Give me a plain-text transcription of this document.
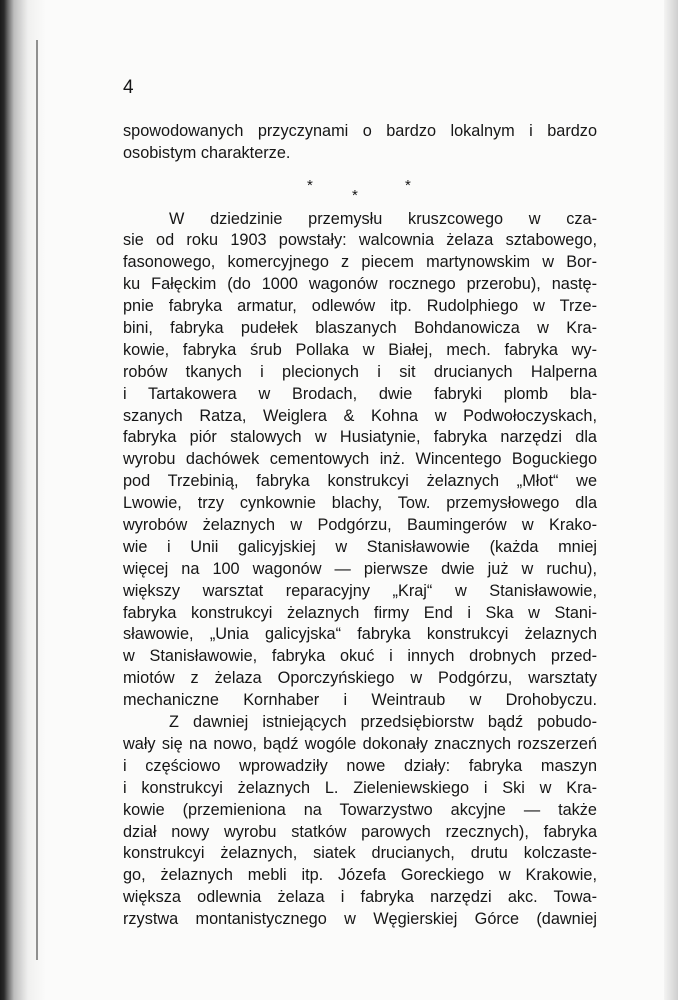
4
*
*
*
spowodowanych przyczynami o bardzo lokalnym i bardzo
osobistym charakterze.

W dziedzinie przemysłu kruszcowego w cza-
sie od roku 1903 powstały: walcownia żelaza sztabowego,
fasonowego, komercyjnego z piecem martynowskim w Bor-
ku Fałęckim (do 1000 wagonów rocznego przerobu), nastę-
pnie fabryka armatur, odlewów itp. Rudolphiego w Trze-
bini, fabryka pudełek blaszanych Bohdanowicza w Kra-
kowie, fabryka śrub Pollaka w Białej, mech. fabryka wy-
robów tkanych i plecionych i sit drucianych Halperna
i Tartakowera w Brodach, dwie fabryki plomb bla-
szanych Ratza, Weiglera & Kohna w Podwołoczyskach,
fabryka piór stalowych w Husiatynie, fabryka narzędzi dla
wyrobu dachówek cementowych inż. Wincentego Boguckiego
pod Trzebinią, fabryka konstrukcyi żelaznych „Młot“ we
Lwowie, trzy cynkownie blachy, Tow. przemysłowego dla
wyrobów żelaznych w Podgórzu, Baumingerów w Krako-
wie i Unii galicyjskiej w Stanisławowie (każda mniej
więcej na 100 wagonów — pierwsze dwie już w ruchu),
większy warsztat reparacyjny „Kraj“ w Stanisławowie,
fabryka konstrukcyi żelaznych firmy End i Ska w Stani-
sławowie, „Unia galicyjska“ fabryka konstrukcyi żelaznych
w Stanisławowie, fabryka okuć i innych drobnych przed-
miotów z żelaza Oporczyńskiego w Podgórzu, warsztaty
mechaniczne Kornhaber i Weintraub w Drohobyczu.
Z dawniej istniejących przedsiębiorstw bądź pobudo-
wały się na nowo, bądź wogóle dokonały znacznych rozszerzeń
i częściowo wprowadziły nowe działy: fabryka maszyn
i konstrukcyi żelaznych L. Zieleniewskiego i Ski w Kra-
kowie (przemieniona na Towarzystwo akcyjne — także
dział nowy wyrobu statków parowych rzecznych), fabryka
konstrukcyi żelaznych, siatek drucianych, drutu kolczaste-
go, żelaznych mebli itp. Józefa Goreckiego w Krakowie,
większa odlewnia żelaza i fabryka narzędzi akc. Towa-
rzystwa montanistycznego w Węgierskiej Górce (dawniej
